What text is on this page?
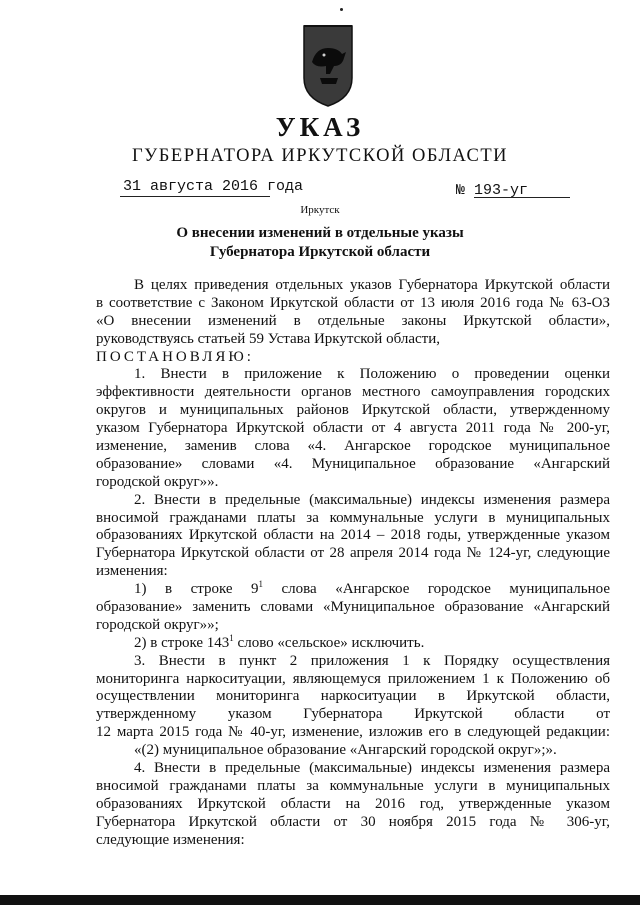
УКАЗ
ГУБЕРНАТОРА ИРКУТСКОЙ ОБЛАСТИ
31 августа 2016 года	№ 193-уг
Иркутск
О внесении изменений в отдельные указы
Губернатора Иркутской области
В целях приведения отдельных указов Губернатора Иркутской области
в соответствие с Законом Иркутской области от 13 июля 2016 года № 63-ОЗ
«О внесении изменений в отдельные законы Иркутской области»,
руководствуясь статьей 59 Устава Иркутской области,
ПОСТАНОВЛЯЮ:
1. Внести в приложение к Положению о проведении оценки
эффективности деятельности органов местного самоуправления городских
округов и муниципальных районов Иркутской области, утвержденному
указом Губернатора Иркутской области от 4 августа 2011 года № 200-уг,
изменение, заменив слова «4. Ангарское городское муниципальное
образование» словами «4. Муниципальное образование «Ангарский
городской округ»».
2. Внести в предельные (максимальные) индексы изменения размера
вносимой гражданами платы за коммунальные услуги в муниципальных
образованиях Иркутской области на 2014 – 2018 годы, утвержденные указом
Губернатора Иркутской области от 28 апреля 2014 года № 124-уг, следующие
изменения:
1) в строке $9^1$ слова «Ангарское городское муниципальное
образование» заменить словами «Муниципальное образование «Ангарский
городской округ»»;
2) в строке $143^1$ слово «сельское» исключить.
3. Внести в пункт 2 приложения 1 к Порядку осуществления
мониторинга наркоситуации, являющемуся приложением 1 к Положению об
осуществлении мониторинга наркоситуации в Иркутской области,
утвержденному указом Губернатора Иркутской области от
12 марта 2015 года № 40-уг, изменение, изложив его в следующей редакции:
«(2) муниципальное образование «Ангарский городской округ»;».
4. Внести в предельные (максимальные) индексы изменения размера
вносимой гражданами платы за коммунальные услуги в муниципальных
образованиях Иркутской области на 2016 год, утвержденные указом
Губернатора Иркутской области от 30 ноября 2015 года № 306-уг,
следующие изменения:
